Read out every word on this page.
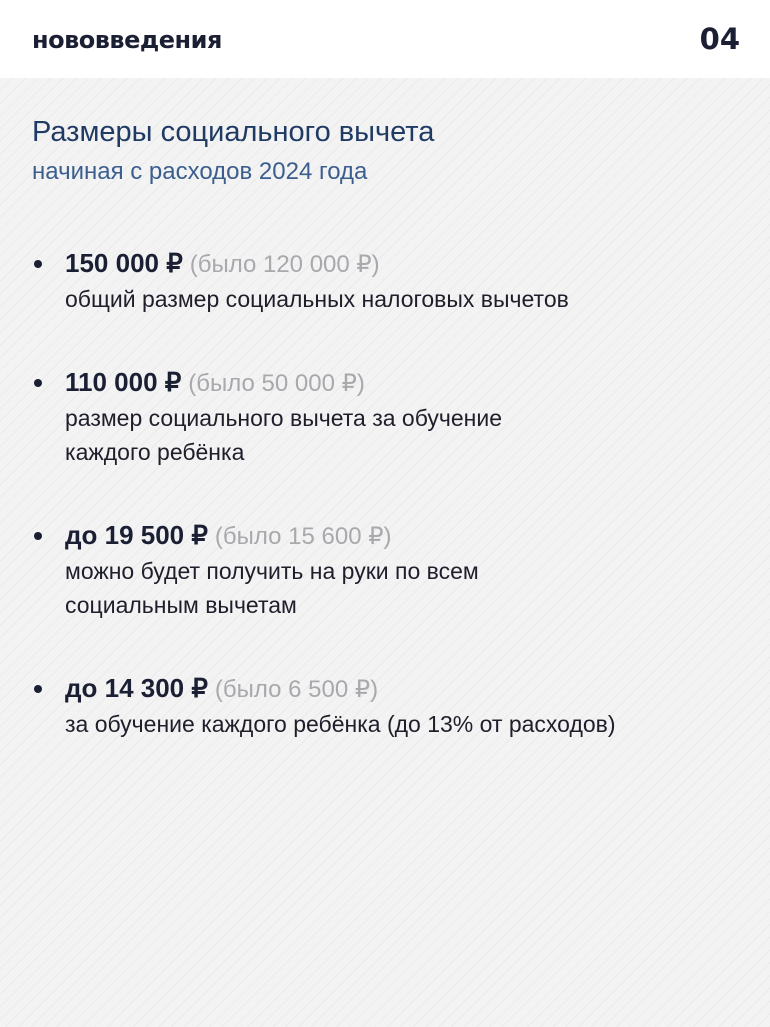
нововведения	04
Размеры социального вычета
начиная с расходов 2024 года
150 000 ₽ (было 120 000 ₽)
общий размер социальных налоговых вычетов
110 000 ₽ (было 50 000 ₽)
размер социального вычета за обучение
каждого ребёнка
до 19 500 ₽ (было 15 600 ₽)
можно будет получить на руки по всем
социальным вычетам
до 14 300 ₽ (было 6 500 ₽)
за обучение каждого ребёнка (до 13% от расходов)
